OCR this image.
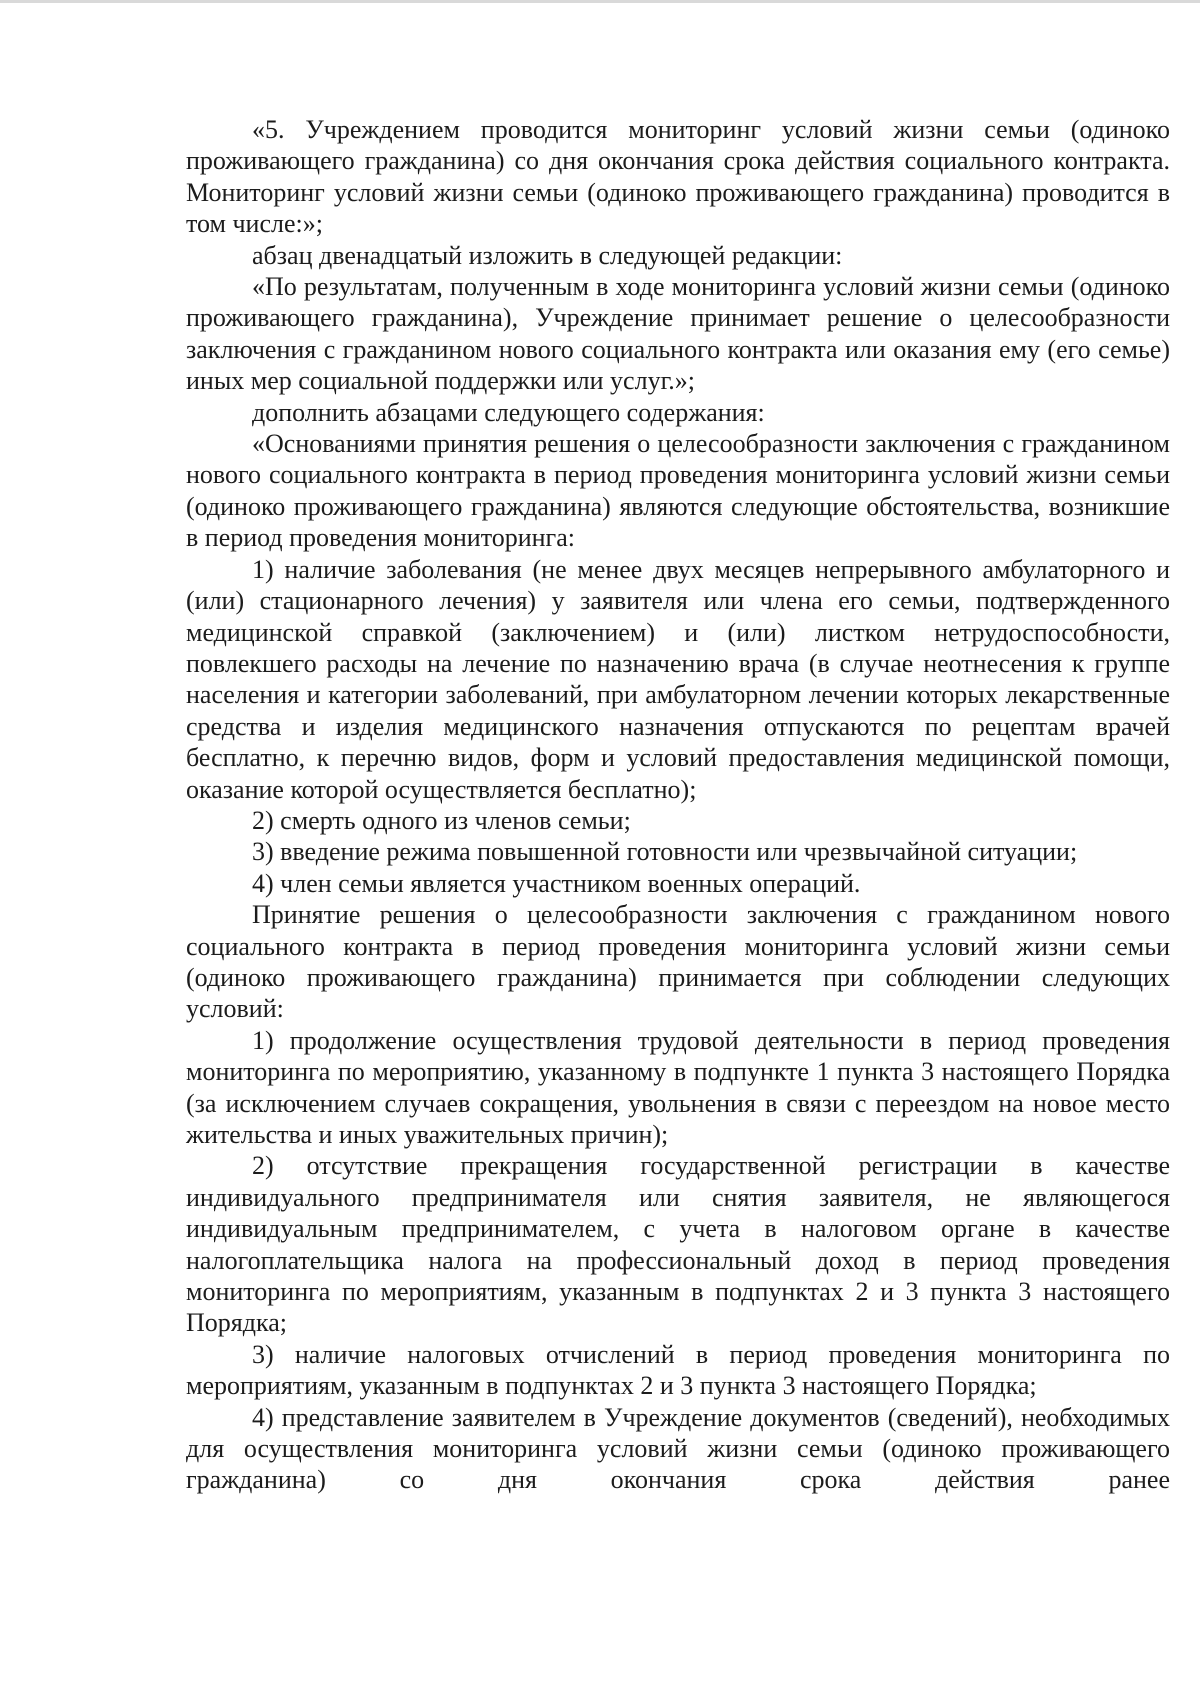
«5. Учреждением проводится мониторинг условий жизни семьи (одиноко проживающего гражданина) со дня окончания срока действия социального контракта. Мониторинг условий жизни семьи (одиноко проживающего гражданина) проводится в том числе:»;

абзац двенадцатый изложить в следующей редакции:

«По результатам, полученным в ходе мониторинга условий жизни семьи (одиноко проживающего гражданина), Учреждение принимает решение о целесообразности заключения с гражданином нового социального контракта или оказания ему (его семье) иных мер социальной поддержки или услуг.»;

дополнить абзацами следующего содержания:

«Основаниями принятия решения о целесообразности заключения с гражданином нового социального контракта в период проведения мониторинга условий жизни семьи (одиноко проживающего гражданина) являются следующие обстоятельства, возникшие в период проведения мониторинга:

1) наличие заболевания (не менее двух месяцев непрерывного амбулаторного и (или) стационарного лечения) у заявителя или члена его семьи, подтвержденного медицинской справкой (заключением) и (или) листком нетрудоспособности, повлекшего расходы на лечение по назначению врача (в случае неотнесения к группе населения и категории заболеваний, при амбулаторном лечении которых лекарственные средства и изделия медицинского назначения отпускаются по рецептам врачей бесплатно, к перечню видов, форм и условий предоставления медицинской помощи, оказание которой осуществляется бесплатно);

2) смерть одного из членов семьи;

3) введение режима повышенной готовности или чрезвычайной ситуации;

4) член семьи является участником военных операций.

Принятие решения о целесообразности заключения с гражданином нового социального контракта в период проведения мониторинга условий жизни семьи (одиноко проживающего гражданина) принимается при соблюдении следующих условий:

1) продолжение осуществления трудовой деятельности в период проведения мониторинга по мероприятию, указанному в подпункте 1 пункта 3 настоящего Порядка (за исключением случаев сокращения, увольнения в связи с переездом на новое место жительства и иных уважительных причин);

2) отсутствие прекращения государственной регистрации в качестве индивидуального предпринимателя или снятия заявителя, не являющегося индивидуальным предпринимателем, с учета в налоговом органе в качестве налогоплательщика налога на профессиональный доход в период проведения мониторинга по мероприятиям, указанным в подпунктах 2 и 3 пункта 3 настоящего Порядка;

3) наличие налоговых отчислений в период проведения мониторинга по мероприятиям, указанным в подпунктах 2 и 3 пункта 3 настоящего Порядка;

4) представление заявителем в Учреждение документов (сведений), необходимых для осуществления мониторинга условий жизни семьи (одиноко проживающего гражданина) со дня окончания срока действия ранее
